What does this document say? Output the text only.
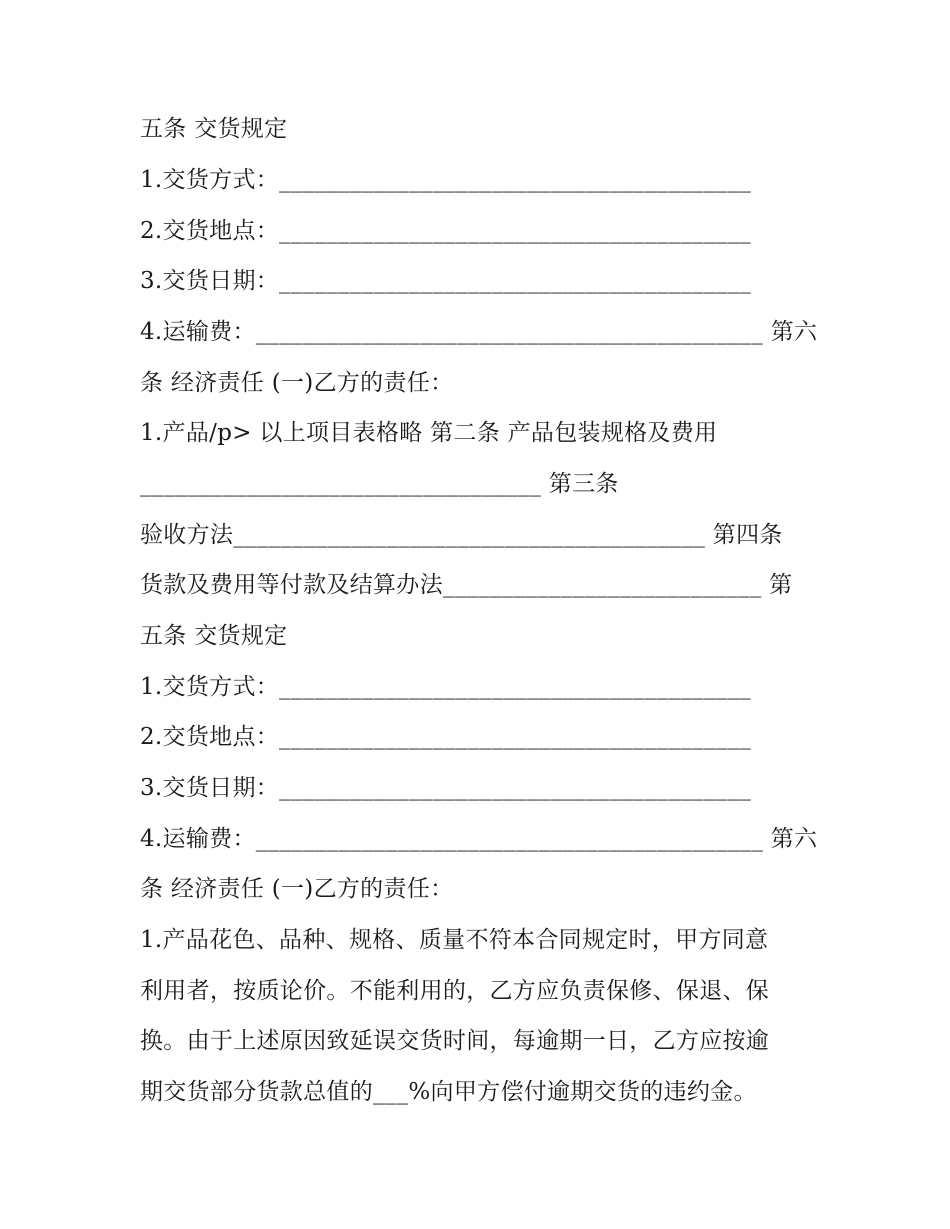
五条 交货规定
1.交货方式：________________________________________
2.交货地点：________________________________________
3.交货日期：________________________________________
4.运输费：___________________________________________ 第六
条 经济责任 (一)乙方的责任：
1.产品/p> 以上项目表格略 第二条 产品包装规格及费用
__________________________________ 第三条
验收方法________________________________________ 第四条
货款及费用等付款及结算办法___________________________ 第
五条 交货规定
1.交货方式：________________________________________
2.交货地点：________________________________________
3.交货日期：________________________________________
4.运输费：___________________________________________ 第六
条 经济责任 (一)乙方的责任：
1.产品花色、品种、规格、质量不符本合同规定时，甲方同意
利用者，按质论价。不能利用的，乙方应负责保修、保退、保
换。由于上述原因致延误交货时间，每逾期一日，乙方应按逾
期交货部分货款总值的___%向甲方偿付逾期交货的违约金。
